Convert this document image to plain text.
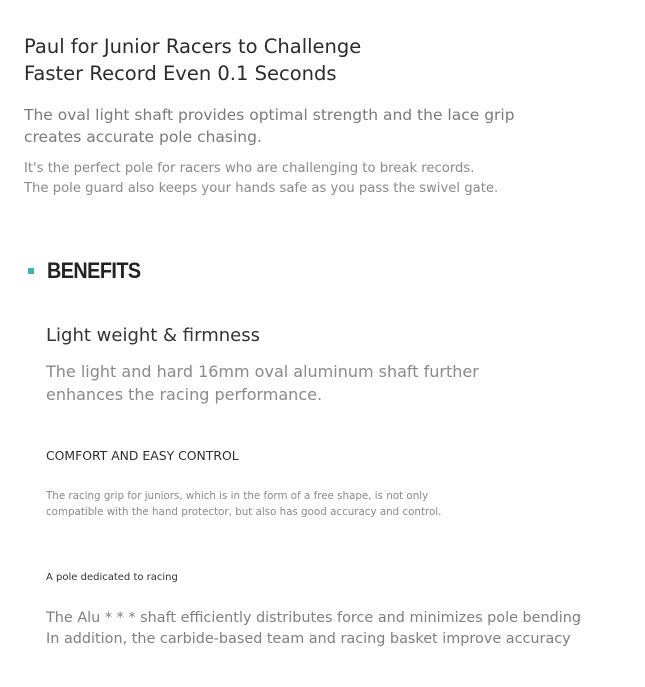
Paul for Junior Racers to Challenge
Faster Record Even 0.1 Seconds

The oval light shaft provides optimal strength and the lace grip
creates accurate pole chasing.

It's the perfect pole for racers who are challenging to break records.
The pole guard also keeps your hands safe as you pass the swivel gate.

BENEFITS
Light weight & firmness

The light and hard 16mm oval aluminum shaft further
enhances the racing performance.

COMFORT AND EASY CONTROL

The racing grip for juniors, which is in the form of a free shape, is not only
compatible with the hand protector, but also has good accuracy and control.

A pole dedicated to racing

The Alu * * * shaft efficiently distributes force and minimizes pole bending
In addition, the carbide-based team and racing basket improve accuracy
